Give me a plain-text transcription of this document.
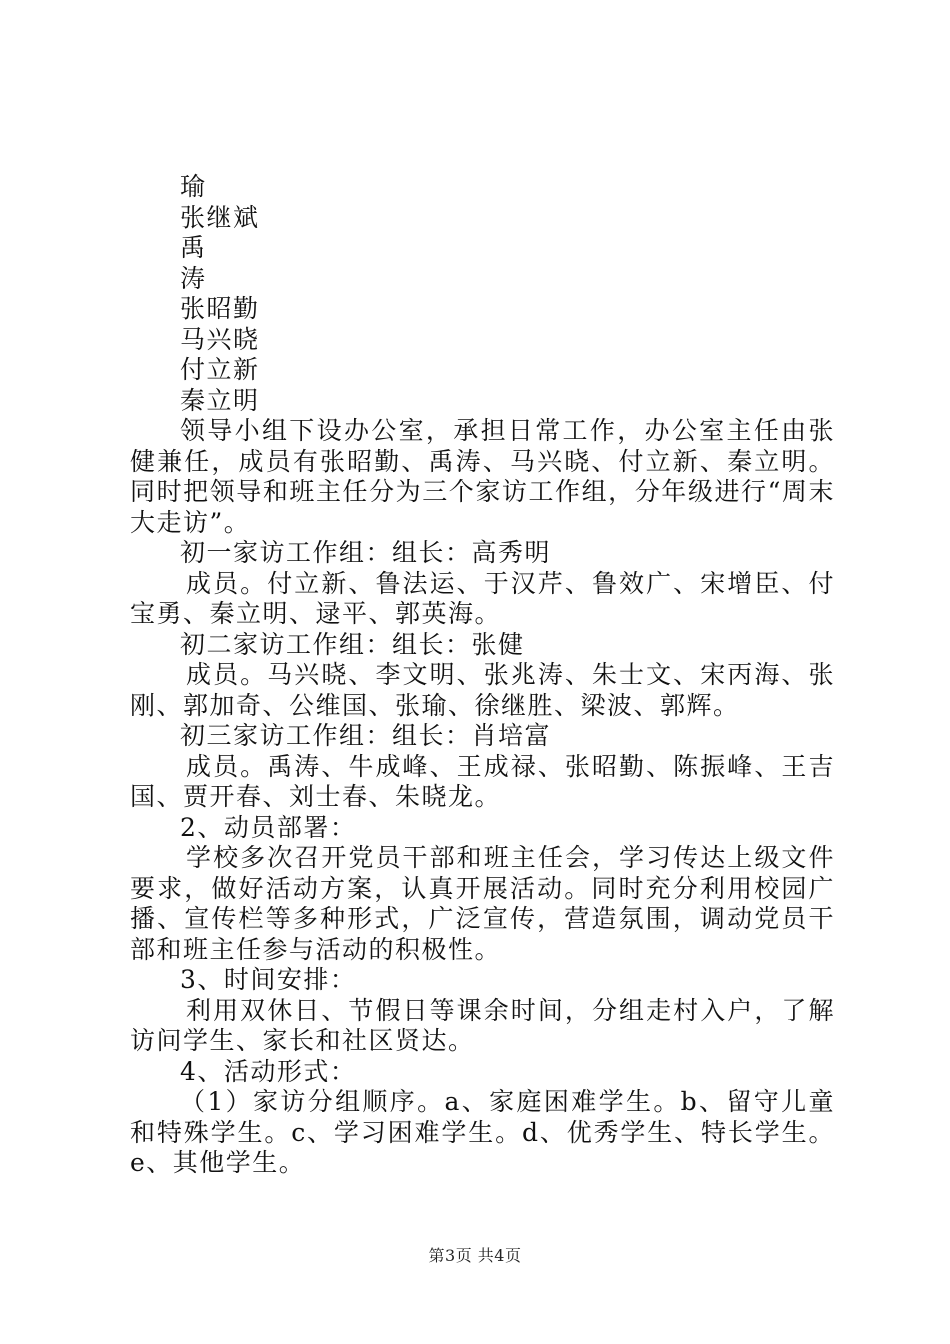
瑜
张继斌
禹
涛
张昭勤
马兴晓
付立新
秦立明

领导小组下设办公室，承担日常工作，办公室主任由张健兼任，成员有张昭勤、禹涛、马兴晓、付立新、秦立明。同时把领导和班主任分为三个家访工作组，分年级进行“周末大走访”。

初一家访工作组：组长：高秀明

成员。付立新、鲁法运、于汉芹、鲁效广、宋增臣、付宝勇、秦立明、逯平、郭英海。

初二家访工作组：组长：张健

成员。马兴晓、李文明、张兆涛、朱士文、宋丙海、张刚、郭加奇、公维国、张瑜、徐继胜、梁波、郭辉。

初三家访工作组：组长：肖培富

成员。禹涛、牛成峰、王成禄、张昭勤、陈振峰、王吉国、贾开春、刘士春、朱晓龙。

2、动员部署：

学校多次召开党员干部和班主任会，学习传达上级文件要求，做好活动方案，认真开展活动。同时充分利用校园广播、宣传栏等多种形式，广泛宣传，营造氛围，调动党员干部和班主任参与活动的积极性。

3、时间安排：

利用双休日、节假日等课余时间，分组走村入户，了解访问学生、家长和社区贤达。

4、活动形式：

（1）家访分组顺序。a、家庭困难学生。b、留守儿童和特殊学生。c、学习困难学生。d、优秀学生、特长学生。e、其他学生。

第3页 共4页
